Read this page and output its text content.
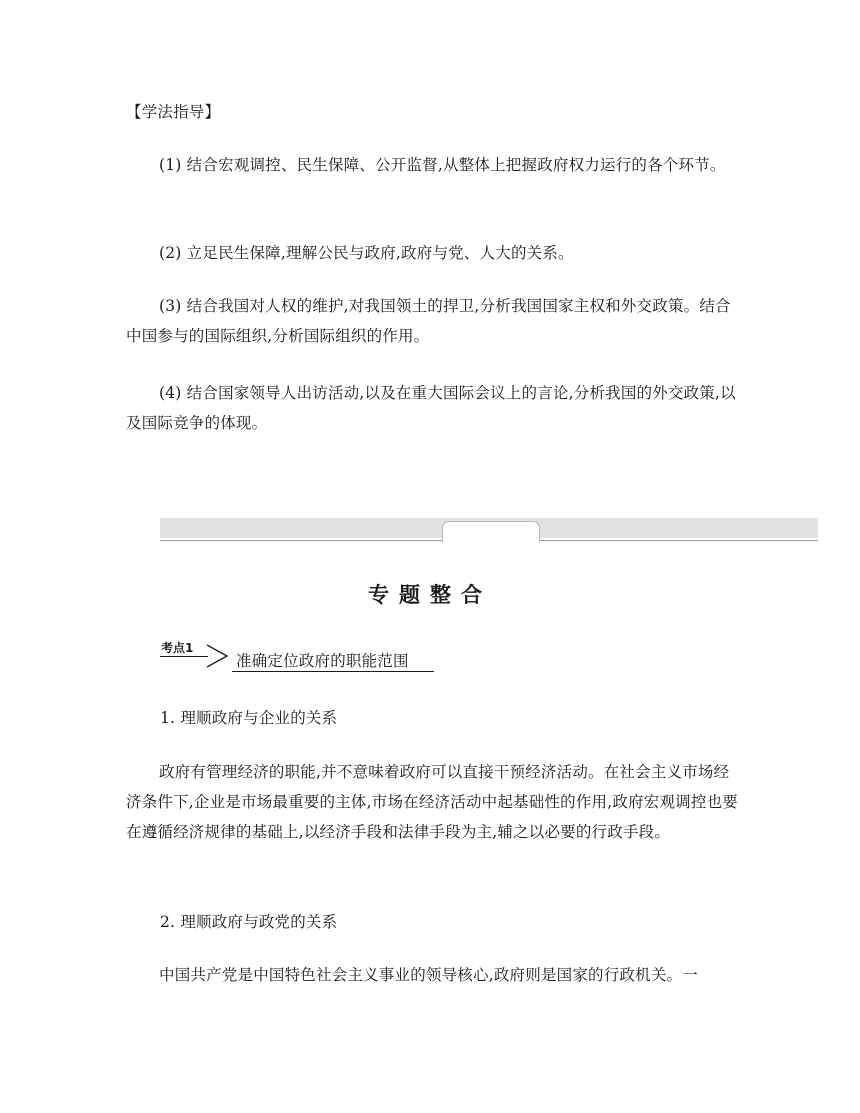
【学法指导】
(1) 结合宏观调控、民生保障、公开监督,从整体上把握政府权力运行的各个环节。
(2) 立足民生保障,理解公民与政府,政府与党、人大的关系。
(3) 结合我国对人权的维护,对我国领土的捍卫,分析我国国家主权和外交政策。结合中国参与的国际组织,分析国际组织的作用。
(4) 结合国家领导人出访活动,以及在重大国际会议上的言论,分析我国的外交政策,以及国际竞争的体现。
专题整合
考点1
准确定位政府的职能范围
1. 理顺政府与企业的关系
政府有管理经济的职能,并不意味着政府可以直接干预经济活动。在社会主义市场经济条件下,企业是市场最重要的主体,市场在经济活动中起基础性的作用,政府宏观调控也要在遵循经济规律的基础上,以经济手段和法律手段为主,辅之以必要的行政手段。
2. 理顺政府与政党的关系
中国共产党是中国特色社会主义事业的领导核心,政府则是国家的行政机关。一
